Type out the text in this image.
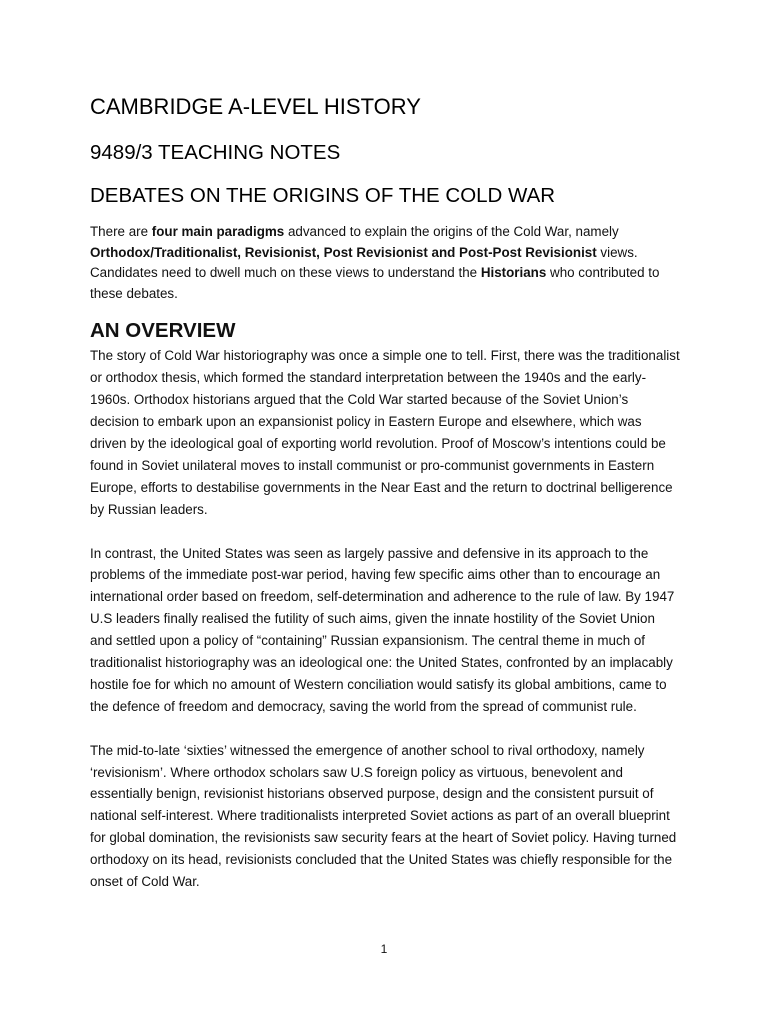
CAMBRIDGE A-LEVEL HISTORY
9489/3 TEACHING NOTES
DEBATES ON THE ORIGINS OF THE COLD WAR

There are four main paradigms advanced to explain the origins of the Cold War, namely Orthodox/Traditionalist, Revisionist, Post Revisionist and Post-Post Revisionist views. Candidates need to dwell much on these views to understand the Historians who contributed to these debates.

AN OVERVIEW

The story of Cold War historiography was once a simple one to tell. First, there was the traditionalist or orthodox thesis, which formed the standard interpretation between the 1940s and the early-1960s. Orthodox historians argued that the Cold War started because of the Soviet Union’s decision to embark upon an expansionist policy in Eastern Europe and elsewhere, which was driven by the ideological goal of exporting world revolution. Proof of Moscow’s intentions could be found in Soviet unilateral moves to install communist or pro-communist governments in Eastern Europe, efforts to destabilise governments in the Near East and the return to doctrinal belligerence by Russian leaders.

In contrast, the United States was seen as largely passive and defensive in its approach to the problems of the immediate post-war period, having few specific aims other than to encourage an international order based on freedom, self-determination and adherence to the rule of law. By 1947 U.S leaders finally realised the futility of such aims, given the innate hostility of the Soviet Union and settled upon a policy of “containing” Russian expansionism. The central theme in much of traditionalist historiography was an ideological one: the United States, confronted by an implacably hostile foe for which no amount of Western conciliation would satisfy its global ambitions, came to the defence of freedom and democracy, saving the world from the spread of communist rule.

The mid-to-late ‘sixties’ witnessed the emergence of another school to rival orthodoxy, namely ‘revisionism’. Where orthodox scholars saw U.S foreign policy as virtuous, benevolent and essentially benign, revisionist historians observed purpose, design and the consistent pursuit of national self-interest. Where traditionalists interpreted Soviet actions as part of an overall blueprint for global domination, the revisionists saw security fears at the heart of Soviet policy. Having turned orthodoxy on its head, revisionists concluded that the United States was chiefly responsible for the onset of Cold War.

1
